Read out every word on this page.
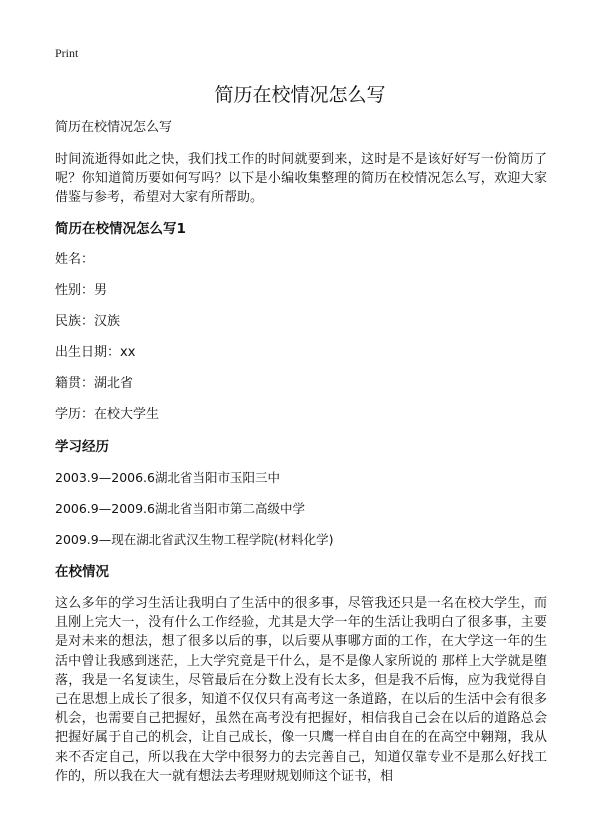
Print
简历在校情况怎么写

简历在校情况怎么写

时间流逝得如此之快，我们找工作的时间就要到来，这时是不是该好好写一份简历了呢？你知道简历要如何写吗？以下是小编收集整理的简历在校情况怎么写，欢迎大家借鉴与参考，希望对大家有所帮助。

简历在校情况怎么写1
姓名：
性别：男
民族：汉族
出生日期：xx
籍贯：湖北省
学历：在校大学生
学习经历
2003.9—2006.6湖北省当阳市玉阳三中
2006.9—2009.6湖北省当阳市第二高级中学
2009.9—现在湖北省武汉生物工程学院(材料化学)
在校情况

这么多年的学习生活让我明白了生活中的很多事，尽管我还只是一名在校大学生，而且刚上完大一，没有什么工作经验，尤其是大学一年的生活让我明白了很多事，主要是对未来的想法，想了很多以后的事，以后要从事哪方面的工作，在大学这一年的生活中曾让我感到迷茫，上大学究竟是干什么，是不是像人家所说的 那样上大学就是堕落，我是一名复读生，尽管最后在分数上没有长太多，但是我不后悔，应为我觉得自己在思想上成长了很多，知道不仅仅只有高考这一条道路，在以后的生活中会有很多机会，也需要自己把握好，虽然在高考没有把握好，相信我自己会在以后的道路总会把握好属于自己的机会，让自己成长，像一只鹰一样自由自在的在高空中翱翔，我从来不否定自己，所以我在大学中很努力的去完善自己，知道仅靠专业不是那么好找工作的，所以我在大一就有想法去考理财规划师这个证书，相
